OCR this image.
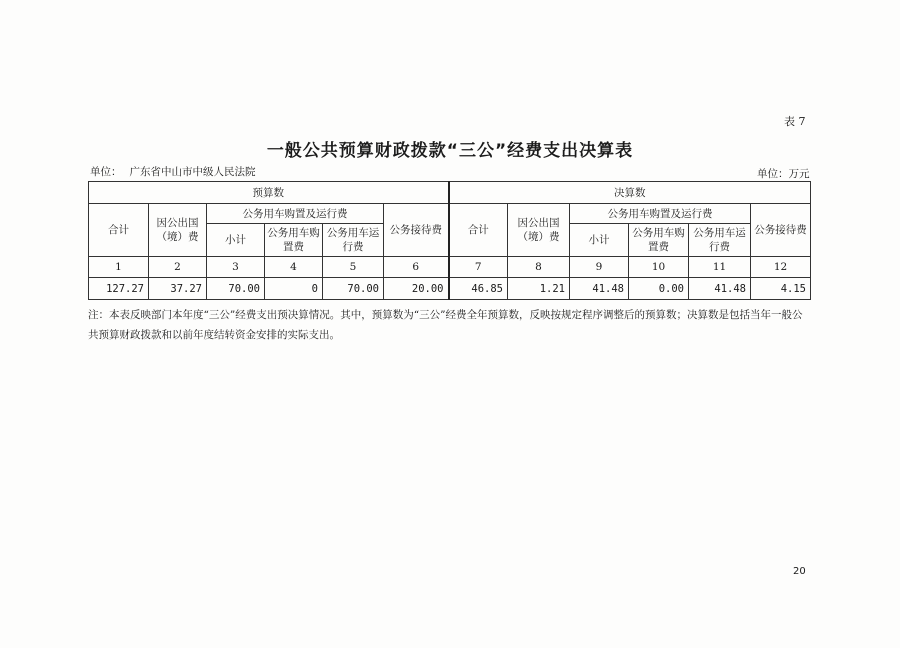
表 7
一般公共预算财政拨款“三公”经费支出决算表
单位： 广东省中山市中级人民法院	单位：万元
预算数						决算数					
合计	因公出国（境）费	公务用车购置及运行费			公务接待费	合计	因公出国（境）费	公务用车购置及运行费			公务接待费
		小计	公务用车购置费	公务用车运行费				小计	公务用车购置费	公务用车运行费	
1	2	3	4	5	6	7	8	9	10	11	12
127.27	37.27	70.00	0	70.00	20.00	46.85	1.21	41.48	0.00	41.48	4.15
注：本表反映部门本年度“三公”经费支出预决算情况。其中，预算数为“三公”经费全年预算数，反映按规定程序调整后的预算数；决算数是包括当年一般公共预算财政拨款和以前年度结转资金安排的实际支出。
20
